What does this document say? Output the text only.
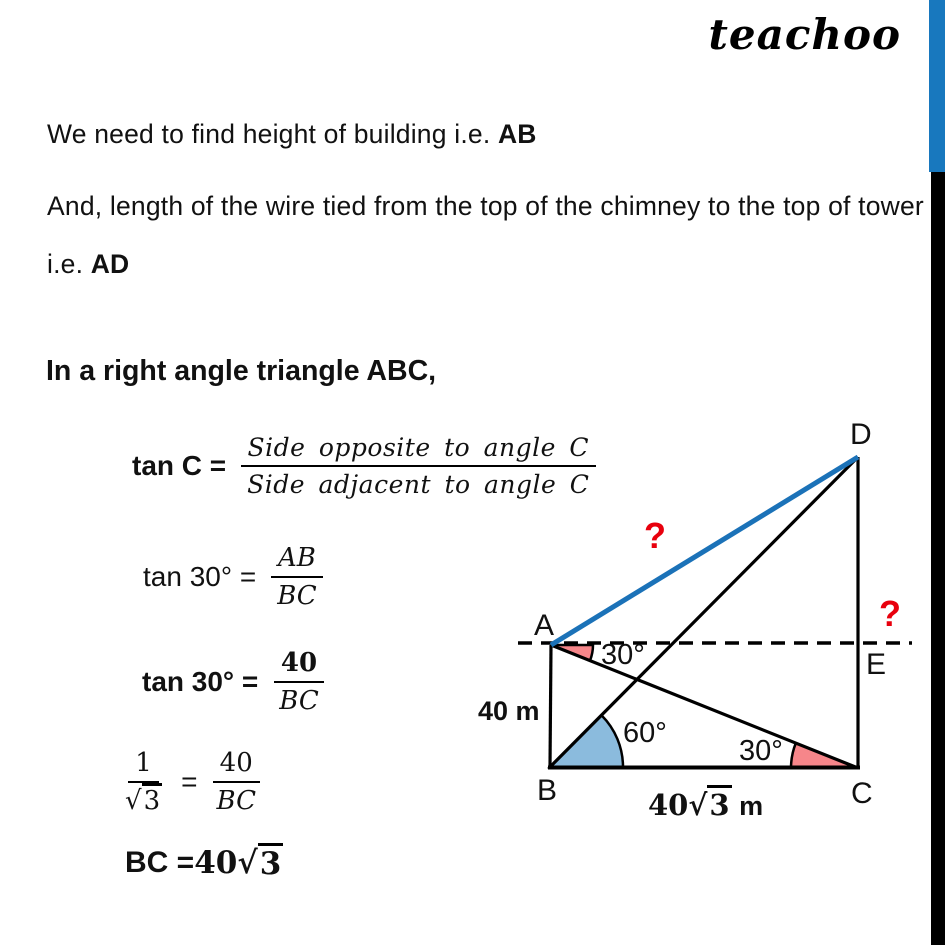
teachoo

We need to find height of building i.e. AB

And, length of the wire tied from the top of the chimney to the top of tower i.e. AD

In a right angle triangle ABC,
$\tan C = \frac{\text{Side opposite to angle C}}{\text{Side adjacent to angle C}}$
$\tan 30^\circ = \frac{AB}{BC}$
$\tan 30^\circ = \frac{40}{BC}$
$\frac{1}{√3} = \frac{40}{BC}$
BC = 40 √ 3
D
A
B	C
E
?
?
30°
60°
30°
40 m
40√3 m
